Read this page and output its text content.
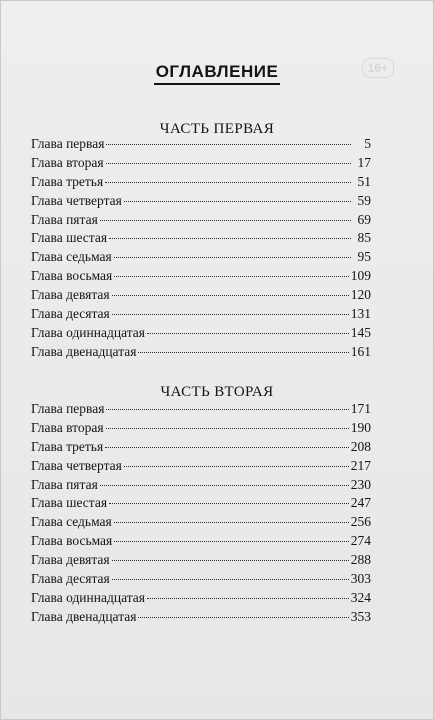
16+
ОГЛАВЛЕНИЕ
ЧАСТЬ ПЕРВАЯ
Глава первая	5
Глава вторая	17
Глава третья	51
Глава четвертая	59
Глава пятая	69
Глава шестая	85
Глава седьмая	95
Глава восьмая	109
Глава девятая	120
Глава десятая	131
Глава одиннадцатая	145
Глава двенадцатая	161
ЧАСТЬ ВТОРАЯ
Глава первая	171
Глава вторая	190
Глава третья	208
Глава четвертая	217
Глава пятая	230
Глава шестая	247
Глава седьмая	256
Глава восьмая	274
Глава девятая	288
Глава десятая	303
Глава одиннадцатая	324
Глава двенадцатая	353
